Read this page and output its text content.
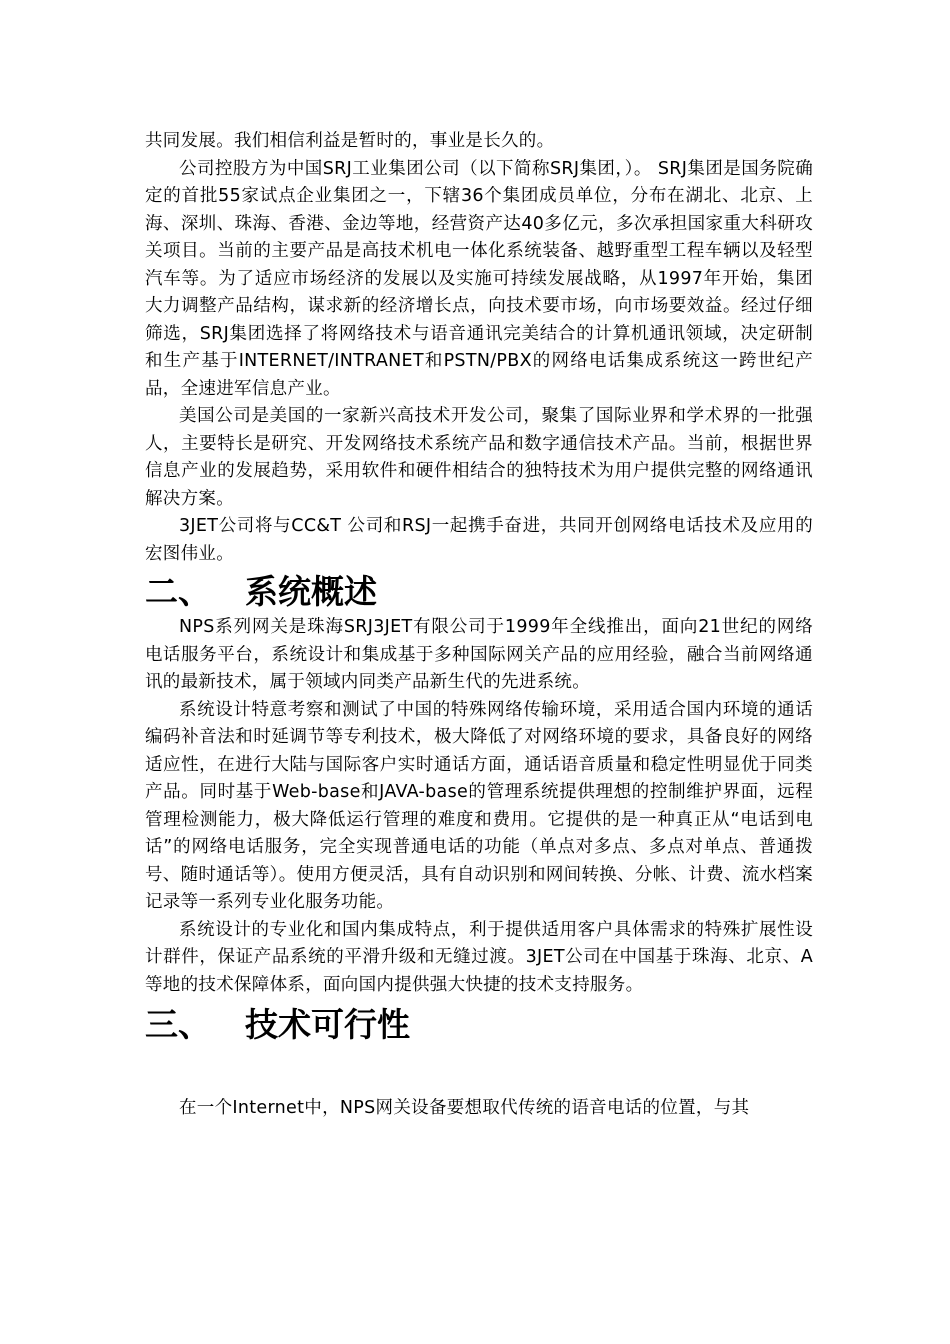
共同发展。我们相信利益是暂时的，事业是长久的。

公司控股方为中国SRJ工业集团公司（以下简称SRJ集团，）。 SRJ集团是国务院确定的首批55家试点企业集团之一，下辖36个集团成员单位，分布在湖北、北京、上海、深圳、珠海、香港、金边等地，经营资产达40多亿元，多次承担国家重大科研攻关项目。当前的主要产品是高技术机电一体化系统装备、越野重型工程车辆以及轻型汽车等。为了适应市场经济的发展以及实施可持续发展战略，从1997年开始，集团大力调整产品结构，谋求新的经济增长点，向技术要市场，向市场要效益。经过仔细筛选，SRJ集团选择了将网络技术与语音通讯完美结合的计算机通讯领域，决定研制和生产基于INTERNET/INTRANET和PSTN/PBX的网络电话集成系统这一跨世纪产品，全速进军信息产业。

美国公司是美国的一家新兴高技术开发公司，聚集了国际业界和学术界的一批强人，主要特长是研究、开发网络技术系统产品和数字通信技术产品。当前，根据世界信息产业的发展趋势，采用软件和硬件相结合的独特技术为用户提供完整的网络通讯解决方案。

3JET公司将与CC&T 公司和RSJ一起携手奋进，共同开创网络电话技术及应用的宏图伟业。

二、	系统概述

NPS系列网关是珠海SRJ3JET有限公司于1999年全线推出，面向21世纪的网络电话服务平台，系统设计和集成基于多种国际网关产品的应用经验，融合当前网络通讯的最新技术，属于领域内同类产品新生代的先进系统。

系统设计特意考察和测试了中国的特殊网络传输环境，采用适合国内环境的通话编码补音法和时延调节等专利技术，极大降低了对网络环境的要求，具备良好的网络适应性，在进行大陆与国际客户实时通话方面，通话语音质量和稳定性明显优于同类产品。同时基于Web-base和JAVA-base的管理系统提供理想的控制维护界面，远程管理检测能力，极大降低运行管理的难度和费用。它提供的是一种真正从“电话到电话”的网络电话服务，完全实现普通电话的功能（单点对多点、多点对单点、普通拨号、随时通话等）。使用方便灵活，具有自动识别和网间转换、分帐、计费、流水档案记录等一系列专业化服务功能。

系统设计的专业化和国内集成特点，利于提供适用客户具体需求的特殊扩展性设计群件，保证产品系统的平滑升级和无缝过渡。3JET公司在中国基于珠海、北京、A等地的技术保障体系，面向国内提供强大快捷的技术支持服务。

三、	技术可行性

在一个Internet中，NPS网关设备要想取代传统的语音电话的位置，与其
